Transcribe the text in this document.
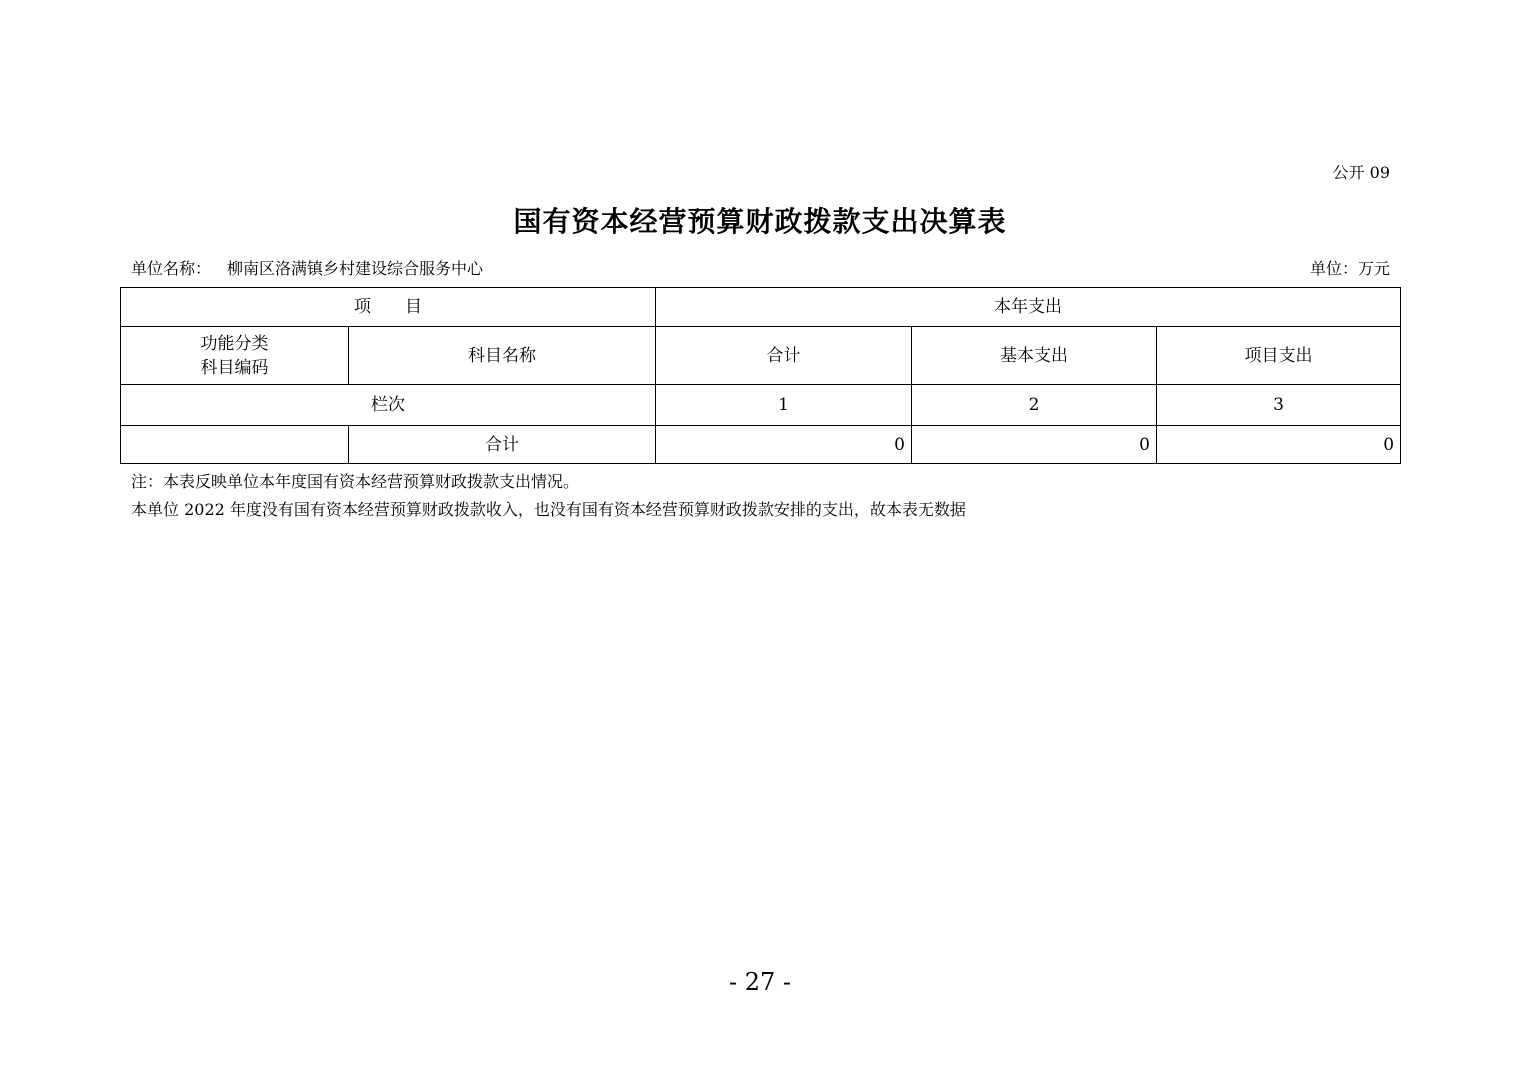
公开 09
国有资本经营预算财政拨款支出决算表
单位名称： 柳南区洛满镇乡村建设综合服务中心	单位：万元
项　　目		本年支出		
功能分类
科目编码	科目名称	合计	基本支出	项目支出
栏次		1	2	3
	合计	0	0	0
注：本表反映单位本年度国有资本经营预算财政拨款支出情况。
本单位 2022 年度没有国有资本经营预算财政拨款收入，也没有国有资本经营预算财政拨款安排的支出，故本表无数据
- 27 -
